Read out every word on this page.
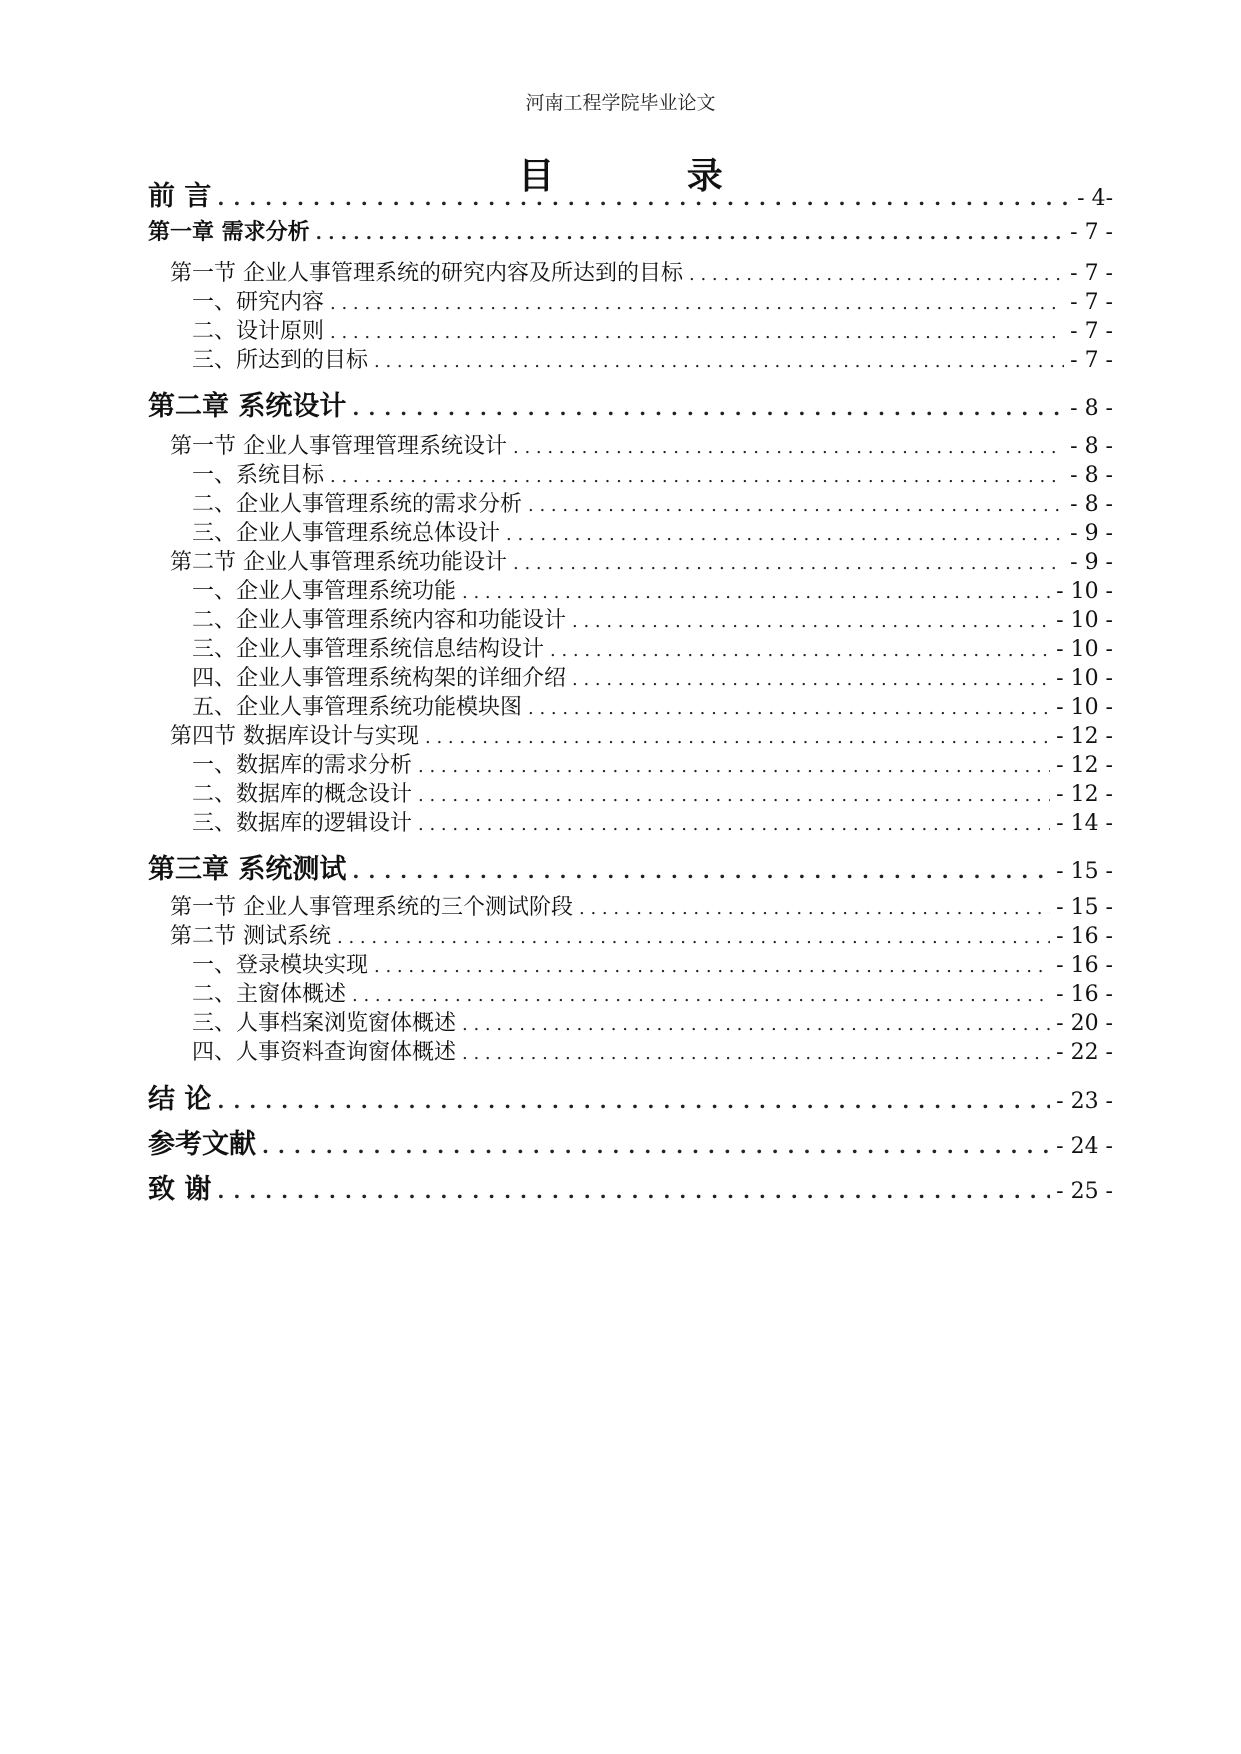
河南工程学院毕业论文
目 录
前 言 . . .	- 4-
第一章 需求分析 . . .	- 7 -
第一节 企业人事管理系统的研究内容及所达到的目标 . . .	- 7 -
一、研究内容 . . .	- 7 -
二、设计原则 . . .	- 7 -
三、所达到的目标 . . .	- 7 -
第二章 系统设计 . . .	- 8 -
第一节 企业人事管理管理系统设计 . . .	- 8 -
一、系统目标 . . .	- 8 -
二、企业人事管理系统的需求分析 . . .	- 8 -
三、企业人事管理系统总体设计 . . .	- 9 -
第二节 企业人事管理系统功能设计 . . .	- 9 -
一、企业人事管理系统功能 . . .	- 10 -
二、企业人事管理系统内容和功能设计 . . .	- 10 -
三、企业人事管理系统信息结构设计 . . .	- 10 -
四、企业人事管理系统构架的详细介绍 . . .	- 10 -
五、企业人事管理系统功能模块图 . . .	- 10 -
第四节 数据库设计与实现 . . .	- 12 -
一、数据库的需求分析 . . .	- 12 -
二、数据库的概念设计 . . .	- 12 -
三、数据库的逻辑设计 . . .	- 14 -
第三章 系统测试 . . .	- 15 -
第一节 企业人事管理系统的三个测试阶段 . . .	- 15 -
第二节 测试系统 . . .	- 16 -
一、登录模块实现 . . .	- 16 -
二、主窗体概述 . . .	- 16 -
三、人事档案浏览窗体概述 . . .	- 20 -
四、人事资料查询窗体概述 . . .	- 22 -
结 论 . . .	- 23 -
参考文献 . . .	- 24 -
致 谢 . . .	- 25 -
